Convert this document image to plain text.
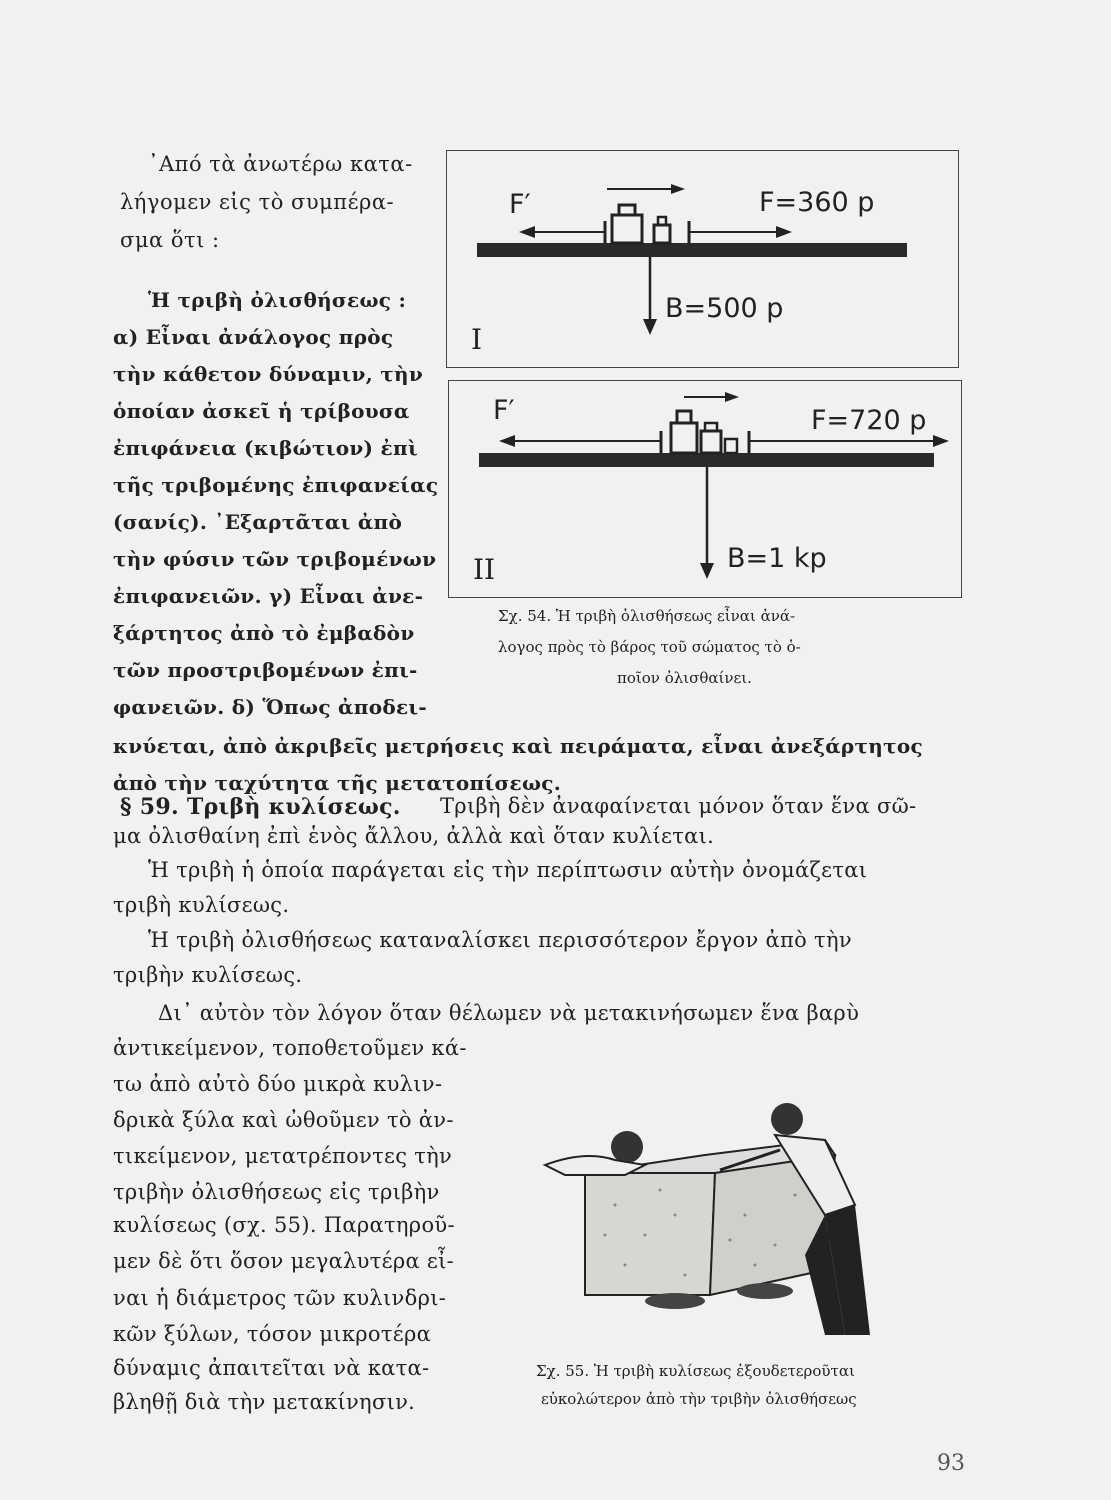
᾿Από τὰ ἀνωτέρω κατα-
λήγομεν εἰς τὸ συμπέρα-
σμα ὅτι :
Ἡ τριβὴ ὀλισθήσεως :
α) Εἶναι ἀνάλογος πρὸς
τὴν κάθετον δύναμιν, τὴν
ὁποίαν ἀσκεῖ ἡ τρίβουσα
ἐπιφάνεια (κιβώτιον) ἐπὶ
τῆς τριβομένης ἐπιφανείας
(σανίς). ᾿Εξαρτᾶται ἀπὸ
τὴν φύσιν τῶν τριβομένων
ἐπιφανειῶν. γ) Εἶναι ἀνε-
ξάρτητος ἀπὸ τὸ ἐμβαδὸν
τῶν προστριβομένων ἐπι-
φανειῶν. δ) Ὅπως ἀποδει-
κνύεται, ἀπὸ ἀκριβεῖς μετρήσεις καὶ πειράματα, εἶναι ἀνεξάρτητος
ἀπὸ τὴν ταχύτητα τῆς μετατοπίσεως.
F′	F=360 p
B=500 p
I
F′	F=720 p
B=1 kp
II
Σχ. 54. Ἡ τριβὴ ὀλισθήσεως εἶναι ἀνά-
λογος πρὸς τὸ βάρος τοῦ σώματος τὸ ὁ-
ποῖον ὀλισθαίνει.
§ 59. Τριβὴ κυλίσεως. Τριβὴ δὲν ἀναφαίνεται μόνον ὅταν ἕνα σῶ-
μα ὀλισθαίνη ἐπὶ ἑνὸς ἄλλου, ἀλλὰ καὶ ὅταν κυλίεται.
Ἡ τριβὴ ἡ ὁποία παράγεται εἰς τὴν περίπτωσιν αὐτὴν ὀνομάζεται
τριβὴ κυλίσεως.
Ἡ τριβὴ ὀλισθήσεως καταναλίσκει περισσότερον ἔργον ἀπὸ τὴν
τριβὴν κυλίσεως.
Δι᾿ αὐτὸν τὸν λόγον ὅταν θέλωμεν νὰ μετακινήσωμεν ἕνα βαρὺ
ἀντικείμενον, τοποθετοῦμεν κά-
τω ἀπὸ αὐτὸ δύο μικρὰ κυλιν-
δρικὰ ξύλα καὶ ὠθοῦμεν τὸ ἀν-
τικείμενον, μετατρέποντες τὴν
τριβὴν ὀλισθήσεως εἰς τριβὴν
κυλίσεως (σχ. 55). Παρατηροῦ-
μεν δὲ ὅτι ὅσον μεγαλυτέρα εἶ-
ναι ἡ διάμετρος τῶν κυλινδρι-
κῶν ξύλων, τόσον μικροτέρα
δύναμις ἀπαιτεῖται νὰ κατα-
βληθῇ διὰ τὴν μετακίνησιν.
Σχ. 55. Ἡ τριβὴ κυλίσεως ἐξουδετεροῦται
εὐκολώτερον ἀπὸ τὴν τριβὴν ὀλισθήσεως
93
